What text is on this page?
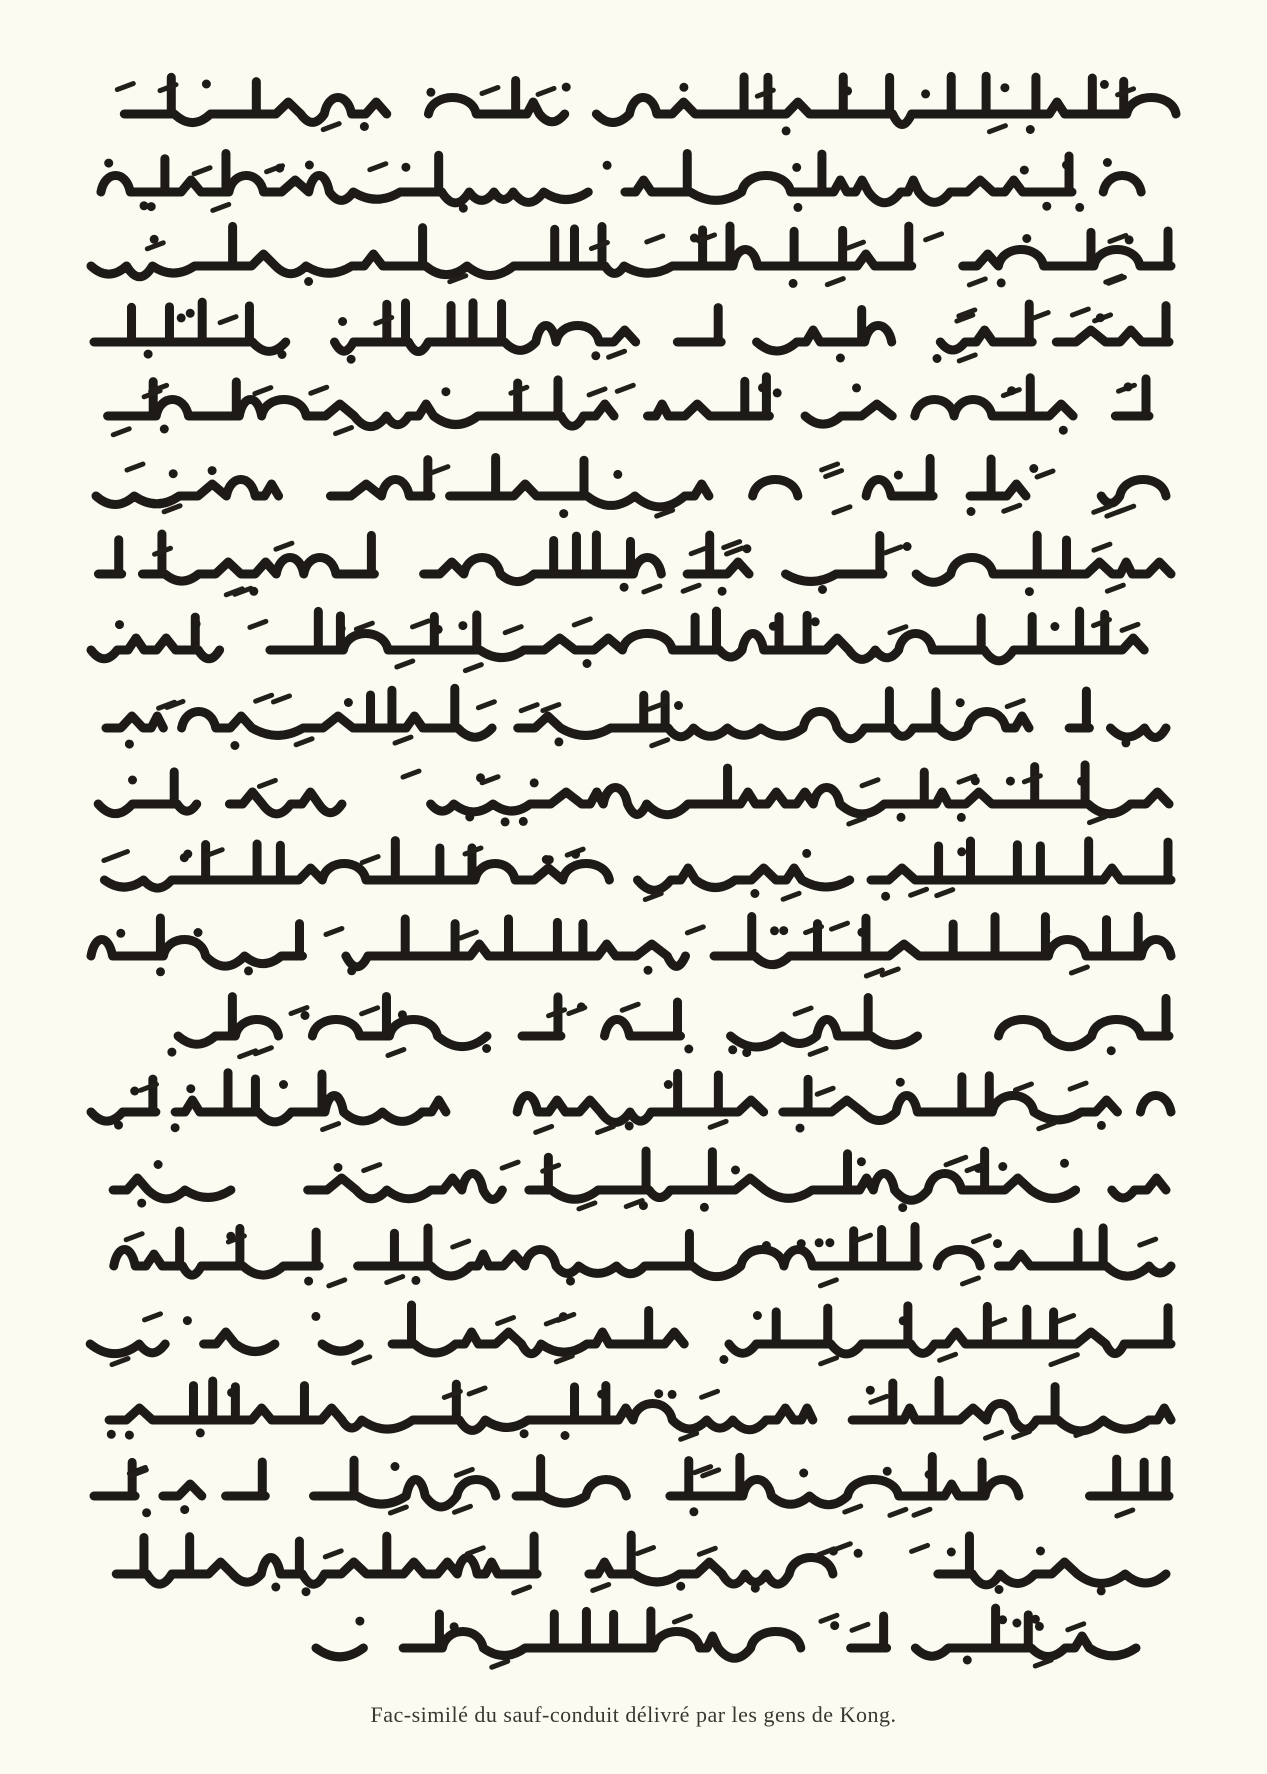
Fac-similé du sauf-conduit délivré par les gens de Kong.
